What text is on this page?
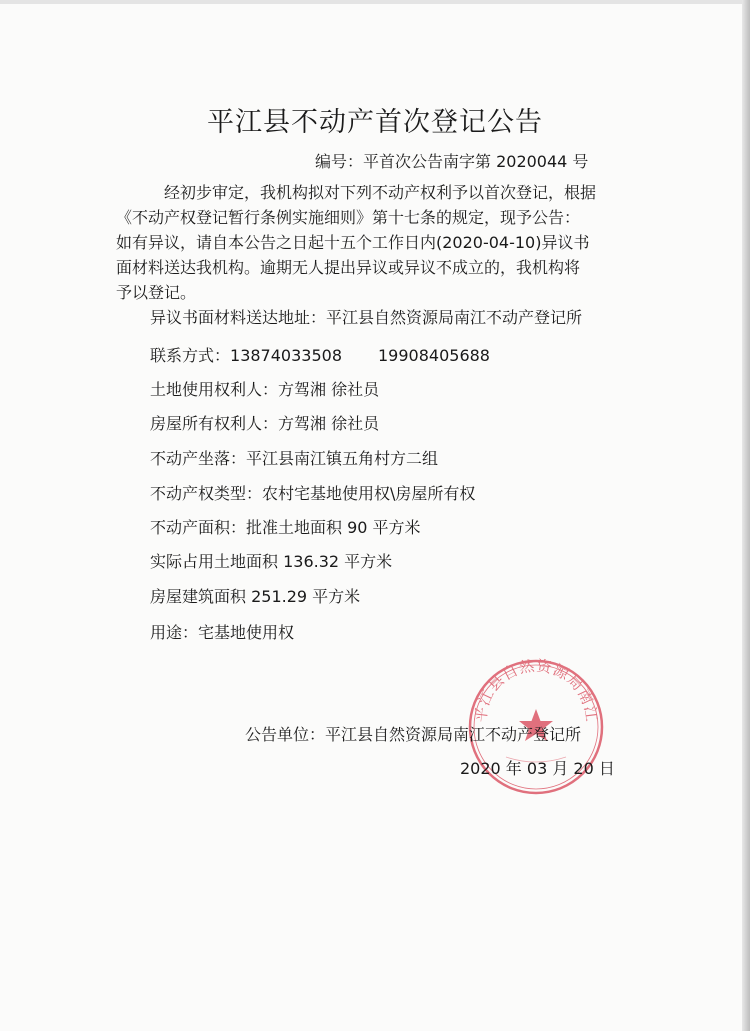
平江县不动产首次登记公告
编号：平首次公告南字第 2020044 号

经初步审定，我机构拟对下列不动产权利予以首次登记，根据

《不动产权登记暂行条例实施细则》第十七条的规定，现予公告：

如有异议，请自本公告之日起十五个工作日内(2020-04-10)异议书

面材料送达我机构。逾期无人提出异议或异议不成立的，我机构将

予以登记。

异议书面材料送达地址：平江县自然资源局南江不动产登记所
联系方式：13874033508 19908405688
土地使用权利人：方驾湘 徐社员
房屋所有权利人：方驾湘 徐社员
不动产坐落：平江县南江镇五角村方二组
不动产权类型：农村宅基地使用权\房屋所有权
不动产面积：批准土地面积 90 平方米
实际占用土地面积 136.32 平方米
房屋建筑面积 251.29 平方米
用途：宅基地使用权
平江县自然资源局南江
公告单位：平江县自然资源局南江不动产登记所
2020 年 03 月 20 日
